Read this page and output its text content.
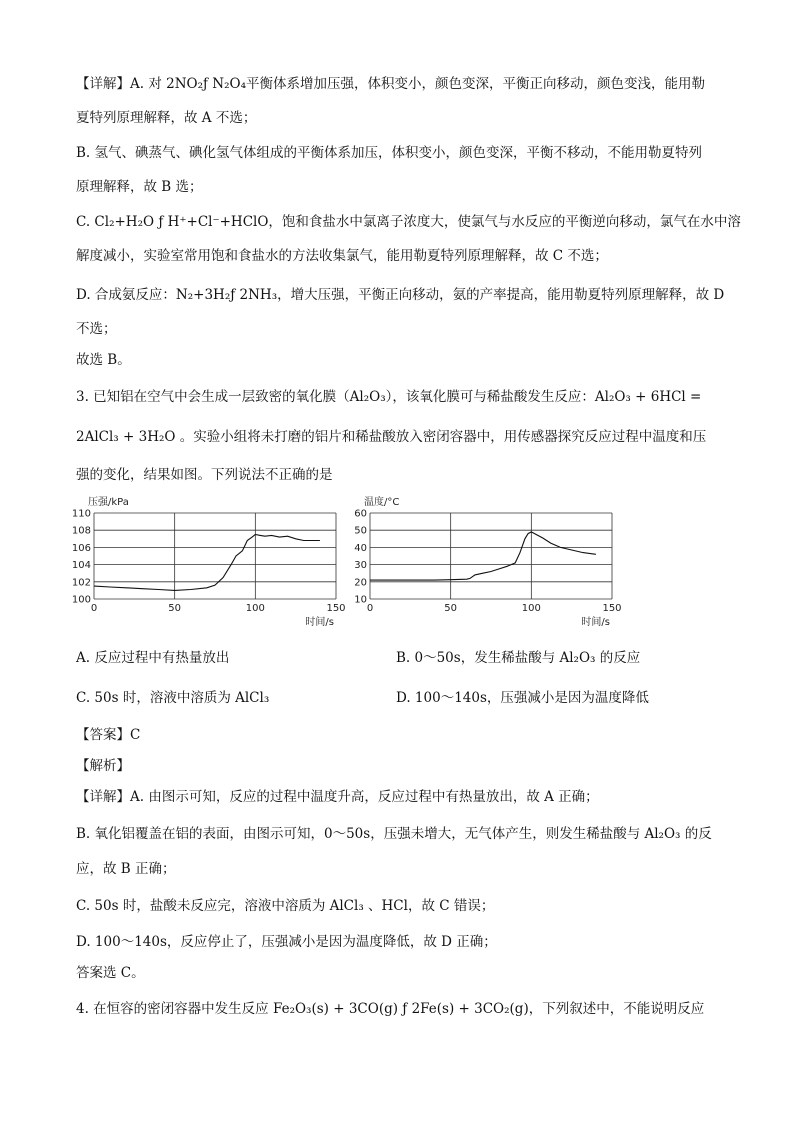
【详解】A. 对 2NO₂ƒ N₂O₄平衡体系增加压强，体积变小，颜色变深，平衡正向移动，颜色变浅，能用勒
夏特列原理解释，故 A 不选；
B. 氢气、碘蒸气、碘化氢气体组成的平衡体系加压，体积变小，颜色变深，平衡不移动，不能用勒夏特列
原理解释，故 B 选；
C. Cl₂+H₂O ƒ H⁺+Cl⁻+HClO，饱和食盐水中氯离子浓度大，使氯气与水反应的平衡逆向移动，氯气在水中溶
解度减小，实验室常用饱和食盐水的方法收集氯气，能用勒夏特列原理解释，故 C 不选；
D. 合成氨反应：N₂+3H₂ƒ 2NH₃，增大压强，平衡正向移动，氨的产率提高，能用勒夏特列原理解释，故 D
不选；
故选 B。
3. 已知铝在空气中会生成一层致密的氧化膜（Al₂O₃），该氧化膜可与稀盐酸发生反应：Al₂O₃ + 6HCl =
2AlCl₃ + 3H₂O 。实验小组将未打磨的铝片和稀盐酸放入密闭容器中，用传感器探究反应过程中温度和压
强的变化，结果如图。下列说法不正确的是
100
102
104
106
108
110
0	50	100	150
压强/kPa
时间/s
10
20
30
40
50
60
0	50	100	150
温度/°C
时间/s
A. 反应过程中有热量放出	B. 0～50s，发生稀盐酸与 Al₂O₃ 的反应
C. 50s 时，溶液中溶质为 AlCl₃	D. 100～140s，压强减小是因为温度降低
【答案】C
【解析】
【详解】A. 由图示可知，反应的过程中温度升高，反应过程中有热量放出，故 A 正确；
B. 氧化铝覆盖在铝的表面，由图示可知，0～50s，压强未增大，无气体产生，则发生稀盐酸与 Al₂O₃ 的反
应，故 B 正确；
C. 50s 时，盐酸未反应完，溶液中溶质为 AlCl₃ 、HCl，故 C 错误；
D. 100～140s，反应停止了，压强减小是因为温度降低，故 D 正确；
答案选 C。
4. 在恒容的密闭容器中发生反应 Fe₂O₃(s) + 3CO(g) ƒ 2Fe(s) + 3CO₂(g)，下列叙述中，不能说明反应
